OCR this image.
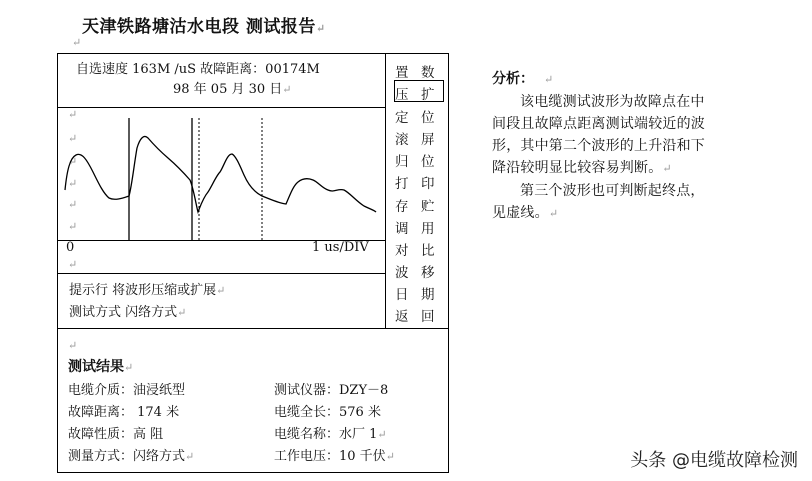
天津铁路塘沽水电段 测试报告↵
↵
自选速度 163M /uS 故障距离：00174M
98 年 05 月 30 日↵
↵
↵
↵
↵
↵
↵
↵
0	1 us/DIV
提示行 将波形压缩或扩展↵
测试方式 闪络方式↵
置 数
压 扩
定 位
滚 屏
归 位
打 印
存 贮
调 用
对 比
波 移
日 期
返 回
↵
测试结果↵
电缆介质：油浸纸型
故障距离： 174 米
故障性质：高 阻
测量方式：闪络方式↵
测试仪器：DZY－8
电缆全长：576 米
电缆名称：水厂 1↵
工作电压：10 千伏↵
分析： ↵
该电缆测试波形为故障点在中间段且故障点距离测试端较近的波形，其中第二个波形的上升沿和下降沿较明显比较容易判断。↵
第三个波形也可判断起终点，见虚线。↵
头条 @电缆故障检测
